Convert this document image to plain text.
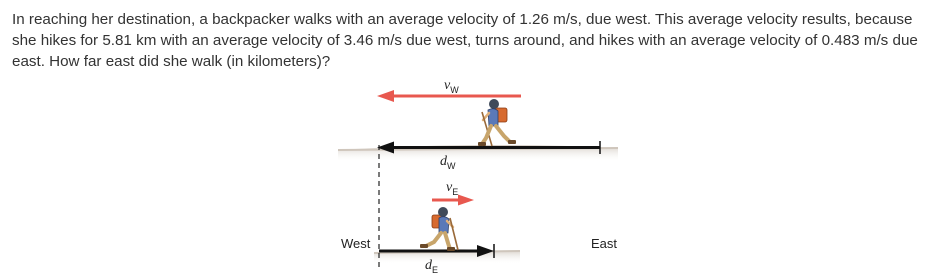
In reaching her destination, a backpacker walks with an average velocity of 1.26 m/s, due west. This average velocity results, because she hikes for 5.81 km with an average velocity of 3.46 m/s due west, turns around, and hikes with an average velocity of 0.483 m/s due east. How far east did she walk (in kilometers)?

$v_W$
$d_W$
$v_E$
$d_E$
West	East
